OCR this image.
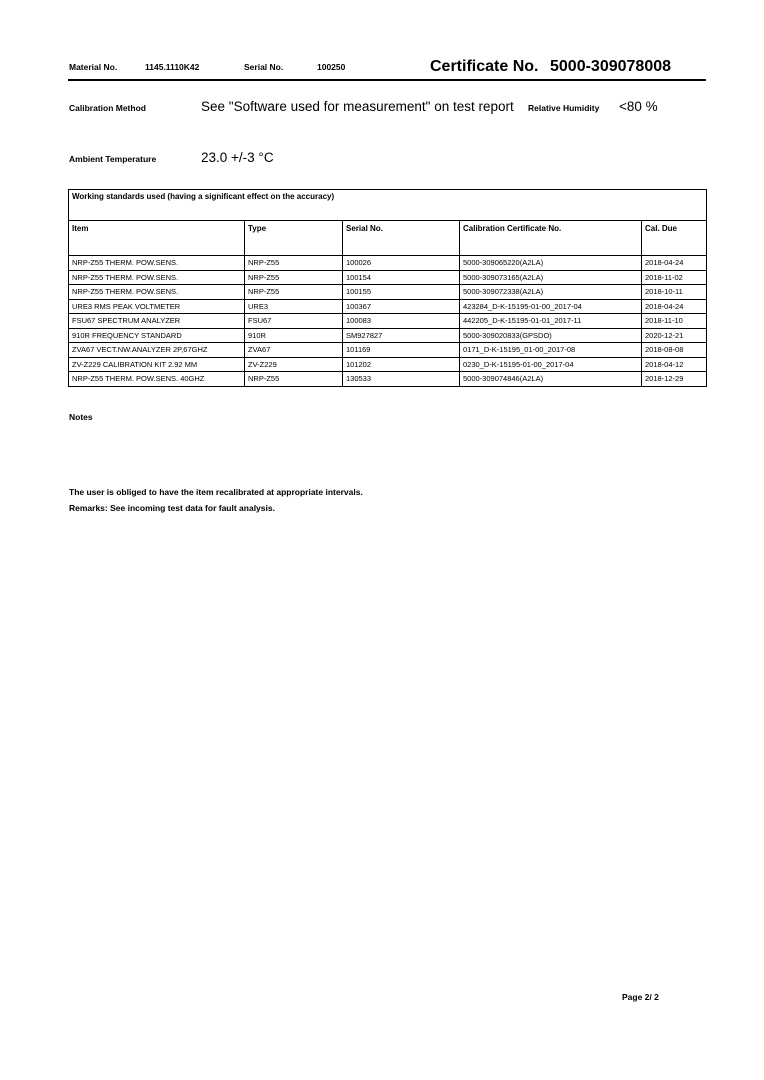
Material No.	1145.1110K42	Serial No.	100250	Certificate No. 5000-309078008
Calibration Method	See "Software used for measurement" on test report Relative Humidity <80 %
Ambient Temperature	23.0 +/-3 °C
Working standards used (having a significant effect on the accuracy)				
Item	Type	Serial No.	Calibration Certificate No.	Cal. Due
NRP-Z55 THERM. POW.SENS.	NRP-Z55	100026	5000-309065220(A2LA)	2018-04-24
NRP-Z55 THERM. POW.SENS.	NRP-Z55	100154	5000-309073165(A2LA)	2018-11-02
NRP-Z55 THERM. POW.SENS.	NRP-Z55	100155	5000-309072338(A2LA)	2018-10-11
URE3 RMS PEAK VOLTMETER	URE3	100367	423284_D-K-15195-01-00_2017-04	2018-04-24
FSU67 SPECTRUM ANALYZER	FSU67	100083	442205_D-K-15195-01-01_2017-11	2018-11-10
910R FREQUENCY STANDARD	910R	SM927827	5000-309020833(GPSDO)	2020-12-21
ZVA67 VECT.NW.ANALYZER 2P,67GHZ	ZVA67	101169	0171_D-K-15195_01-00_2017-08	2018-08-08
ZV-Z229 CALIBRATION KIT 2.92 MM	ZV-Z229	101202	0230_D-K-15195-01-00_2017-04	2018-04-12
NRP-Z55 THERM. POW.SENS. 40GHZ	NRP-Z55	130533	5000-309074846(A2LA)	2018-12-29
Notes
The user is obliged to have the item recalibrated at appropriate intervals.
Remarks: See incoming test data for fault analysis.
Page 2/ 2
